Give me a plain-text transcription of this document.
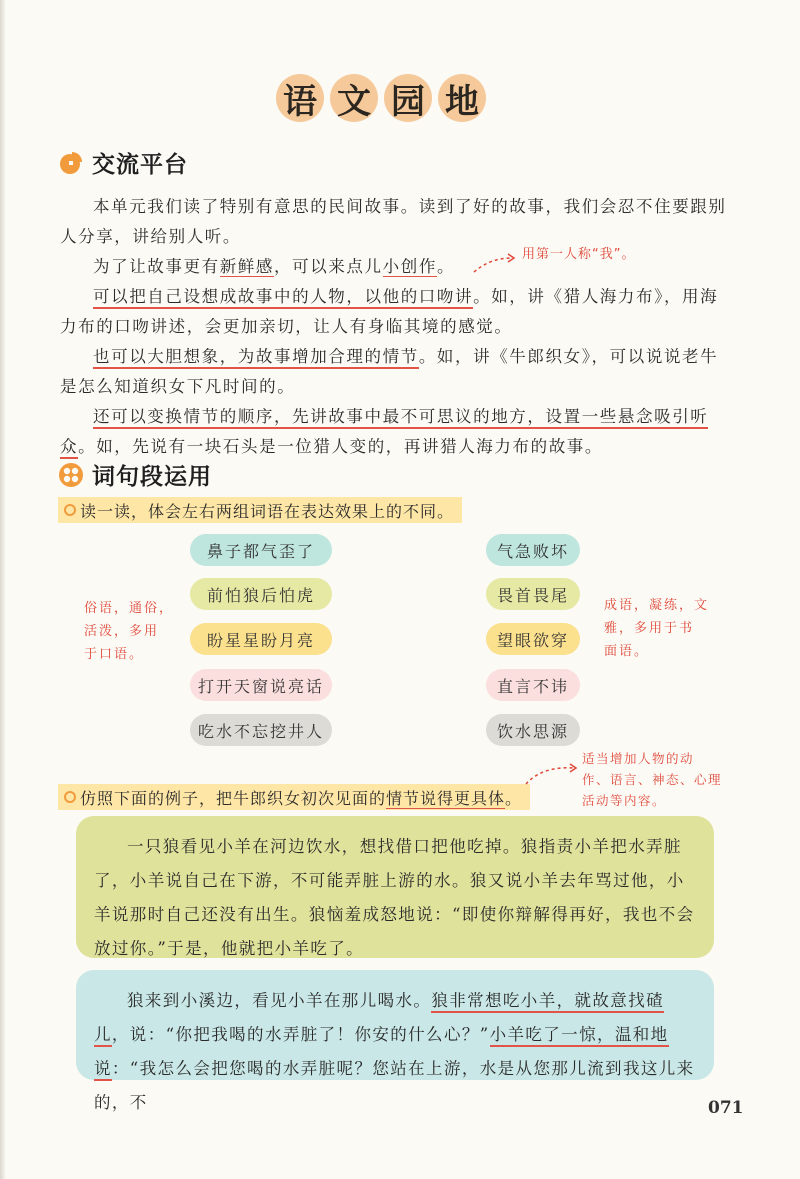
语 文 园 地
交流平台

本单元我们读了特别有意思的民间故事。读到了好的故事，我们会忍不住要跟别人分享，讲给别人听。

为了让故事更有新鲜感，可以来点儿小创作。

可以把自己设想成故事中的人物，以他的口吻讲。如，讲《猎人海力布》，用海力布的口吻讲述，会更加亲切，让人有身临其境的感觉。

也可以大胆想象，为故事增加合理的情节。如，讲《牛郎织女》，可以说说老牛是怎么知道织女下凡时间的。

还可以变换情节的顺序，先讲故事中最不可思议的地方，设置一些悬念吸引听众。如，先说有一块石头是一位猎人变的，再讲猎人海力布的故事。

用第一人称“我”。
词句段运用
读一读，体会左右两组词语在表达效果上的不同。
鼻子都气歪了
前怕狼后怕虎
盼星星盼月亮
打开天窗说亮话
吃水不忘挖井人
气急败坏
畏首畏尾
望眼欲穿
直言不讳
饮水思源
俗语，通俗，
活泼，多用
于口语。
成语，凝练，文
雅，多用于书
面语。
仿照下面的例子，把牛郎织女初次见面的情节说得更具体。
适当增加人物的动
作、语言、神态、心理
活动等内容。

一只狼看见小羊在河边饮水，想找借口把他吃掉。狼指责小羊把水弄脏了，小羊说自己在下游，不可能弄脏上游的水。狼又说小羊去年骂过他，小羊说那时自己还没有出生。狼恼羞成怒地说：“即使你辩解得再好，我也不会放过你。”于是，他就把小羊吃了。

狼来到小溪边，看见小羊在那儿喝水。狼非常想吃小羊，就故意找碴儿，说：“你把我喝的水弄脏了！你安的什么心？”小羊吃了一惊，温和地说：“我怎么会把您喝的水弄脏呢？您站在上游，水是从您那儿流到我这儿来的，不	071
